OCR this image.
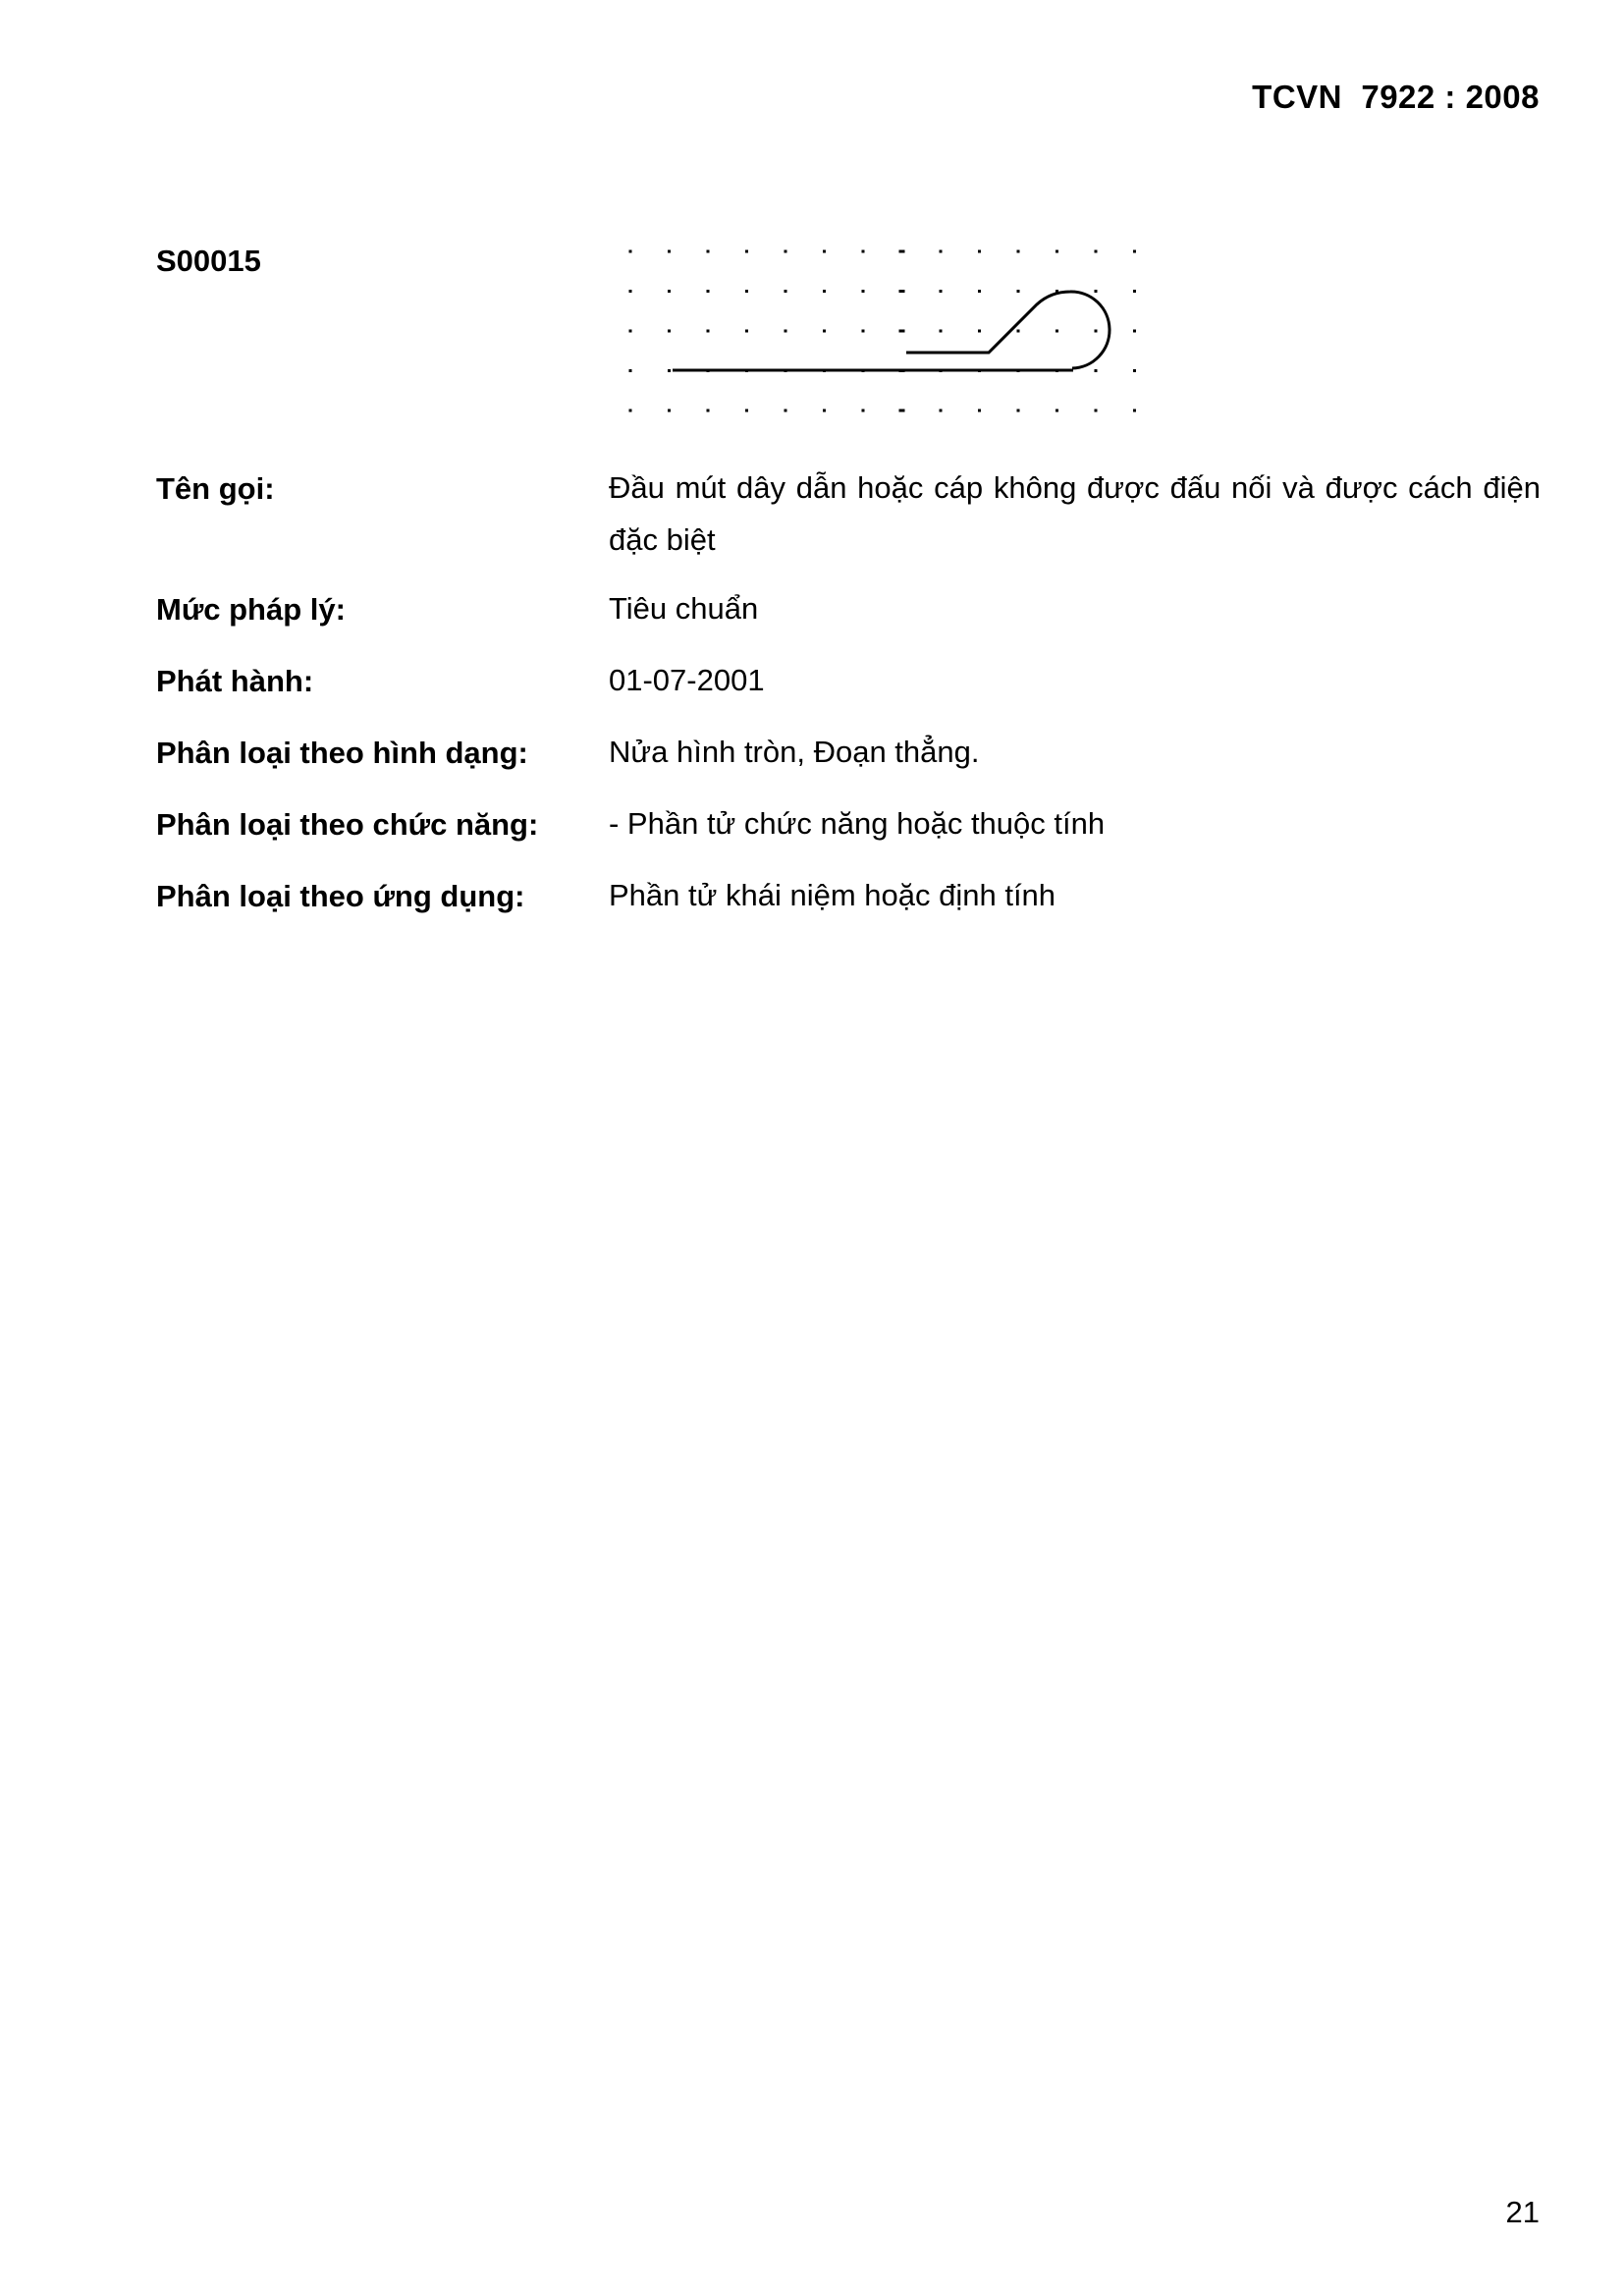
TCVN  7922 : 2008
S00015
Tên gọi:	Đầu mút dây dẫn hoặc cáp không được đấu nối và được cách điện đặc biệt
Mức pháp lý:	Tiêu chuẩn
Phát hành:	01-07-2001
Phân loại theo hình dạng:	Nửa hình tròn, Đoạn thẳng.
Phân loại theo chức năng: - Phần tử chức năng hoặc thuộc tính
Phân loại theo ứng dụng:	Phần tử khái niệm hoặc định tính
21
